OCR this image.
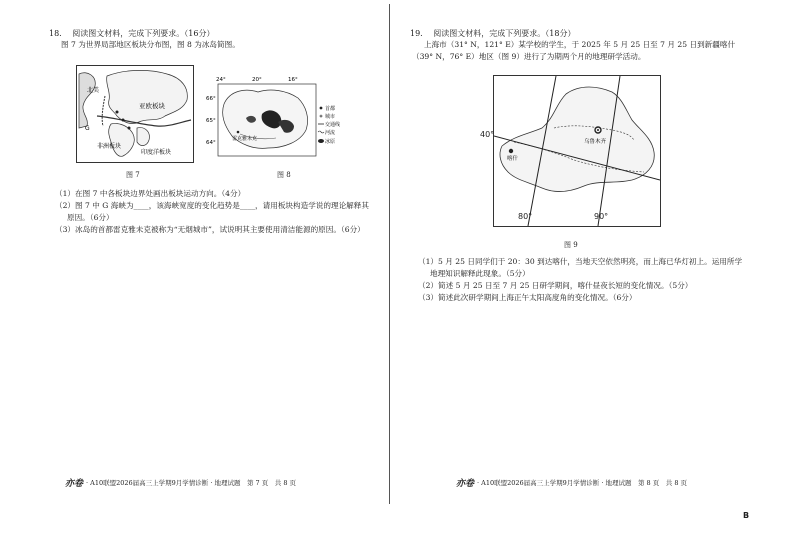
18. 阅读图文材料，完成下列要求。（16分）
图 7 为世界局部地区板块分布图，图 8 为冰岛简图。
北美
亚欧板块
G
非洲板块
印度洋板块
图 7
24°	20°	16°
66°
65°
64°
雷克雅未克
首都
城市
交通线
河流
冰原
图 8
（1）在图 7 中各板块边界处画出板块运动方向。（4分）
（2）图 7 中 G 海峡为____，该海峡宽度的变化趋势是____，请用板块构造学说的理论解释其
原因。（6分）
（3）冰岛的首都雷克雅未克被称为“无烟城市”，试说明其主要使用清洁能源的原因。（6分）
亦卷 · A10联盟2026届高三上学期9月学情诊断 · 地理试题　第 7 页　共 8 页
19. 阅读图文材料，完成下列要求。（18分）
上海市（31° N，121° E）某学校的学生，于 2025 年 5 月 25 日至 7 月 25 日到新疆喀什
（39° N，76° E）地区（图 9）进行了为期两个月的地理研学活动。
喀什
乌鲁木齐
40°
80°	90°
图 9
（1）5 月 25 日同学们于 20：30 到达喀什，当地天空依然明亮，而上海已华灯初上。运用所学
地理知识解释此现象。（5分）
（2）简述 5 月 25 日至 7 月 25 日研学期间，喀什昼夜长短的变化情况。（5分）
（3）简述此次研学期间上海正午太阳高度角的变化情况。（6分）
亦卷 · A10联盟2026届高三上学期9月学情诊断 · 地理试题　第 8 页　共 8 页
B
